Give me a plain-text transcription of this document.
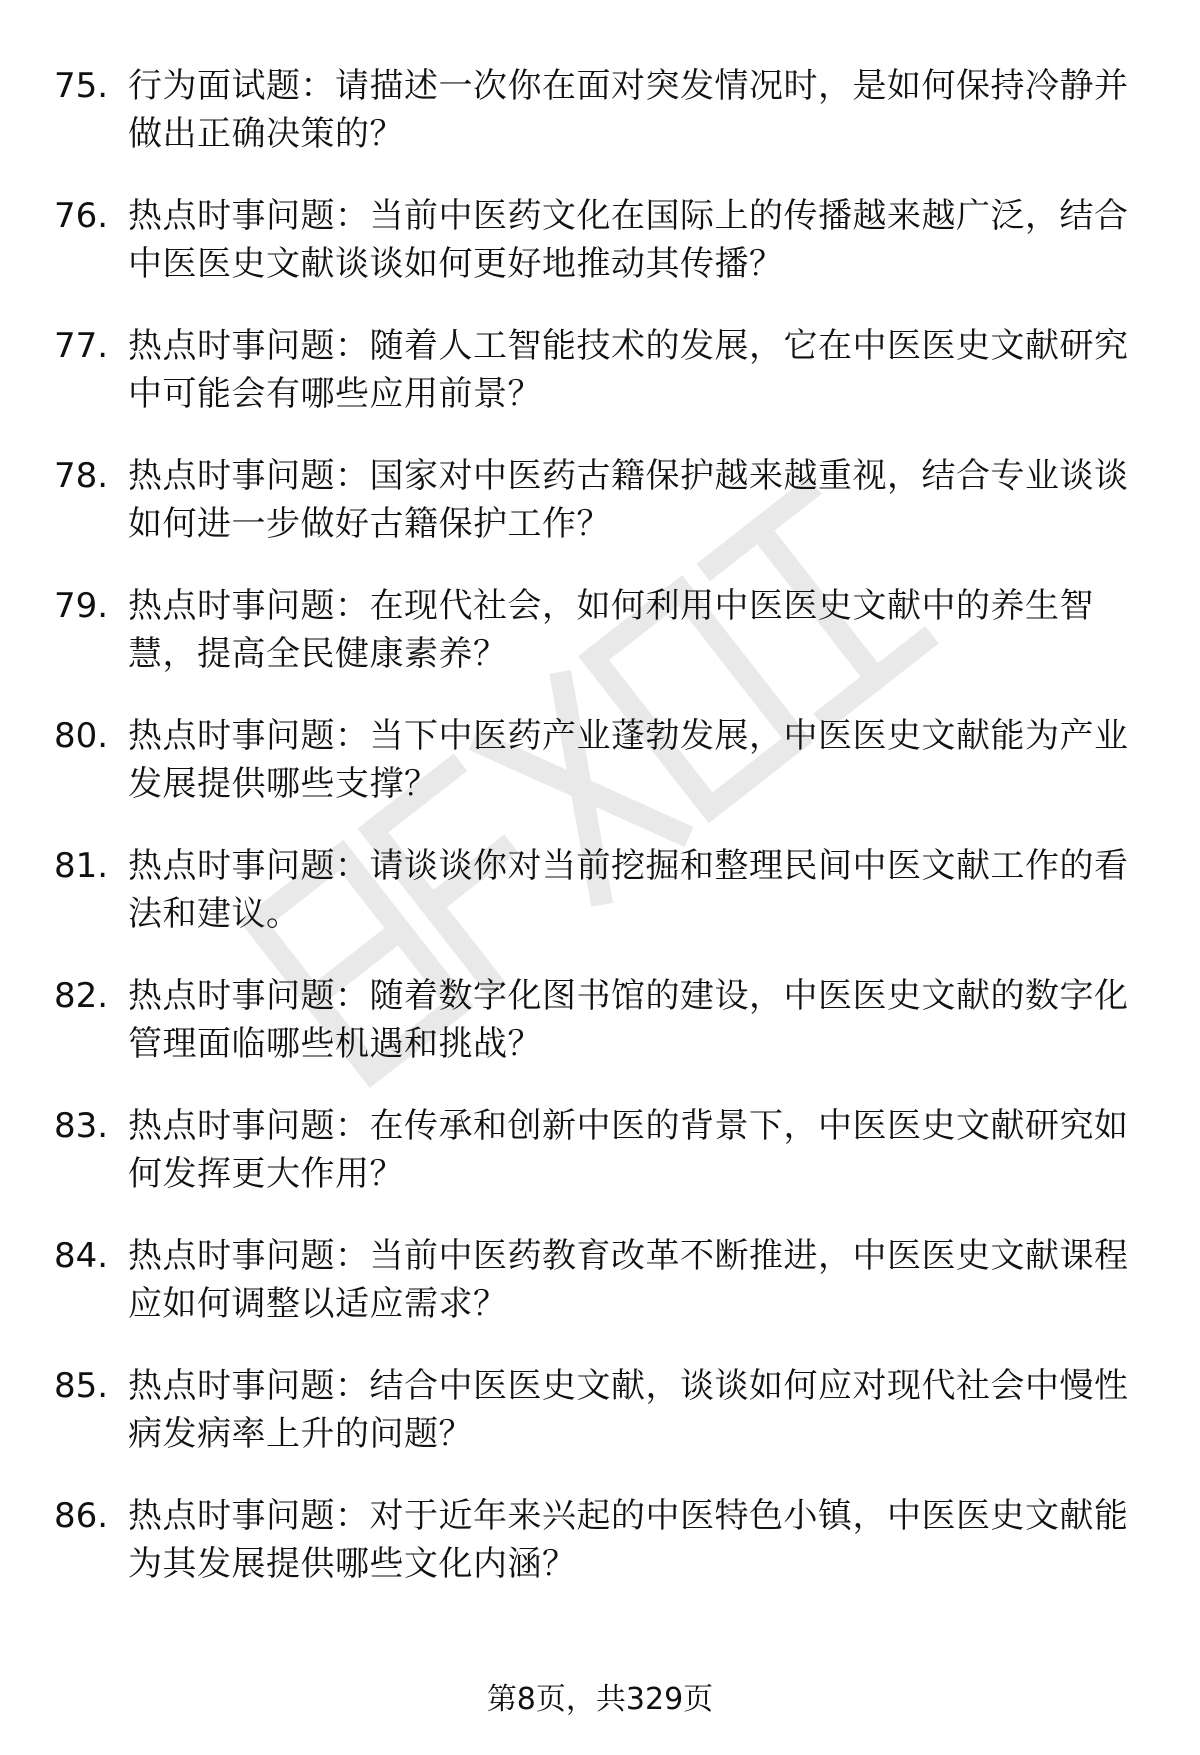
75. 行为面试题：请描述一次你在面对突发情况时，是如何保持冷静并做出正确决策的？
76. 热点时事问题：当前中医药文化在国际上的传播越来越广泛，结合中医医史文献谈谈如何更好地推动其传播？
77. 热点时事问题：随着人工智能技术的发展，它在中医医史文献研究中可能会有哪些应用前景？
78. 热点时事问题：国家对中医药古籍保护越来越重视，结合专业谈谈如何进一步做好古籍保护工作？
79. 热点时事问题：在现代社会，如何利用中医医史文献中的养生智慧，提高全民健康素养？
80. 热点时事问题：当下中医药产业蓬勃发展，中医医史文献能为产业发展提供哪些支撑？
81. 热点时事问题：请谈谈你对当前挖掘和整理民间中医文献工作的看法和建议。
82. 热点时事问题：随着数字化图书馆的建设，中医医史文献的数字化管理面临哪些机遇和挑战？
83. 热点时事问题：在传承和创新中医的背景下，中医医史文献研究如何发挥更大作用？
84. 热点时事问题：当前中医药教育改革不断推进，中医医史文献课程应如何调整以适应需求？
85. 热点时事问题：结合中医医史文献，谈谈如何应对现代社会中慢性病发病率上升的问题？
86. 热点时事问题：对于近年来兴起的中医特色小镇，中医医史文献能为其发展提供哪些文化内涵？
第8页，共329页
